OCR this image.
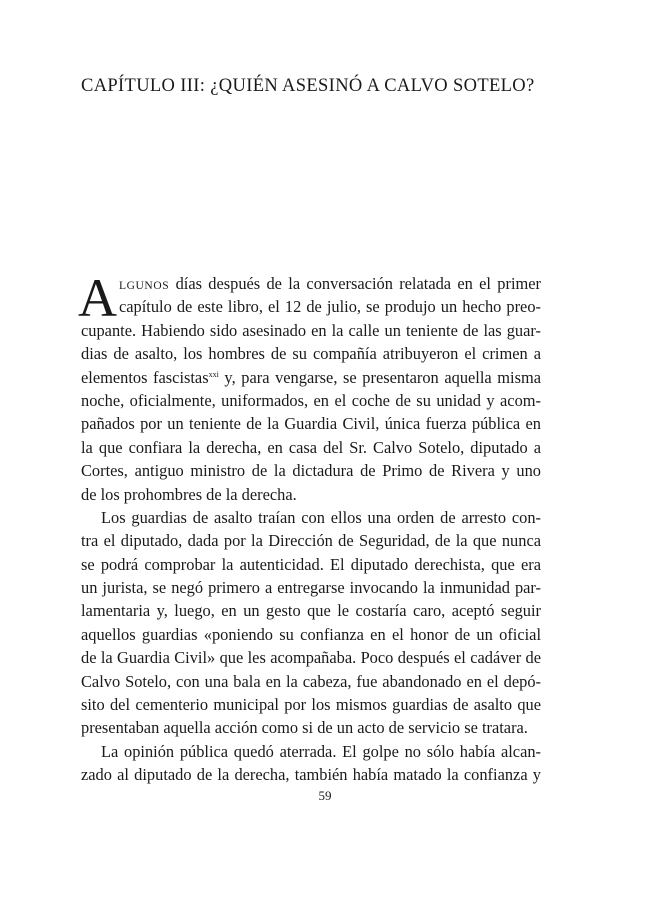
CAPÍTULO III: ¿QUIÉN ASESINÓ A CALVO SOTELO?
A LGUNOS días después de la conversación relatada en el primer
capítulo de este libro, el 12 de julio, se produjo un hecho preo-
cupante. Habiendo sido asesinado en la calle un teniente de las guar-
dias de asalto, los hombres de su compañía atribuyeron el crimen a
elementos fascistas$^{xxi}$ y, para vengarse, se presentaron aquella misma
noche, oficialmente, uniformados, en el coche de su unidad y acom-
pañados por un teniente de la Guardia Civil, única fuerza pública en
la que confiara la derecha, en casa del Sr. Calvo Sotelo, diputado a
Cortes, antiguo ministro de la dictadura de Primo de Rivera y uno
de los prohombres de la derecha.
Los guardias de asalto traían con ellos una orden de arresto con-
tra el diputado, dada por la Dirección de Seguridad, de la que nunca
se podrá comprobar la autenticidad. El diputado derechista, que era
un jurista, se negó primero a entregarse invocando la inmunidad par-
lamentaria y, luego, en un gesto que le costaría caro, aceptó seguir
aquellos guardias «poniendo su confianza en el honor de un oficial
de la Guardia Civil» que les acompañaba. Poco después el cadáver de
Calvo Sotelo, con una bala en la cabeza, fue abandonado en el depó-
sito del cementerio municipal por los mismos guardias de asalto que
presentaban aquella acción como si de un acto de servicio se tratara.
La opinión pública quedó aterrada. El golpe no sólo había alcan-
zado al diputado de la derecha, también había matado la confianza y
59
